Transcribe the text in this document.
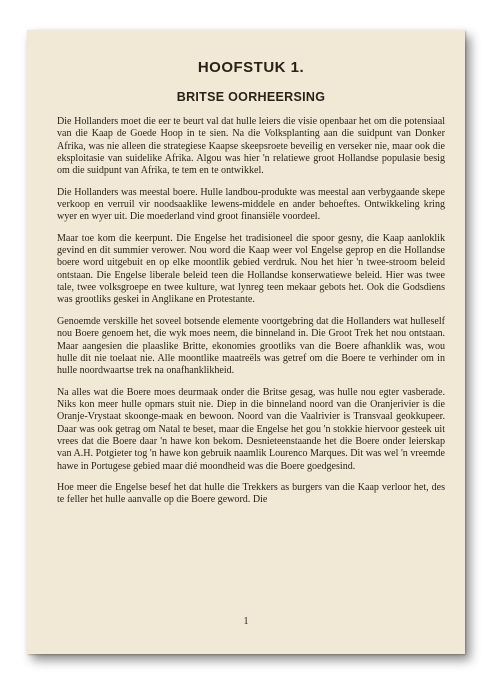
HOOFSTUK 1.
BRITSE OORHEERSING

Die Hollanders moet die eer te beurt val dat hulle leiers die visie openbaar het om die potensiaal van die Kaap de Goede Hoop in te sien. Na die Volksplanting aan die suidpunt van Donker Afrika, was nie alleen die strategiese Kaapse skeepsroete beveilig en verseker nie, maar ook die eksploitasie van suidelike Afrika. Algou was hier 'n relatiewe groot Hollandse populasie besig om die suidpunt van Afrika, te tem en te ontwikkel.

Die Hollanders was meestal boere. Hulle landbou-produkte was meestal aan verbygaande skepe verkoop en verruil vir noodsaaklike lewens-middele en ander behoeftes. Ontwikkeling kring wyer en wyer uit. Die moederland vind groot finansiële voordeel.

Maar toe kom die keerpunt. Die Engelse het tradisioneel die spoor gesny, die Kaap aanloklik gevind en dit summier verower. Nou word die Kaap weer vol Engelse geprop en die Hollandse boere word uitgebuit en op elke moontlik gebied verdruk. Nou het hier 'n twee-stroom beleid ontstaan. Die Engelse liberale beleid teen die Hollandse konserwatiewe beleid. Hier was twee tale, twee volksgroepe en twee kulture, wat lynreg teen mekaar gebots het. Ook die Godsdiens was grootliks geskei in Anglikane en Protestante.

Genoemde verskille het soveel botsende elemente voortgebring dat die Hollanders wat hulleself nou Boere genoem het, die wyk moes neem, die binneland in. Die Groot Trek het nou ontstaan. Maar aangesien die plaaslike Britte, ekonomies grootliks van die Boere afhanklik was, wou hulle dit nie toelaat nie. Alle moontlike maatreëls was getref om die Boere te verhinder om in hulle noordwaartse trek na onafhanklikheid.

Na alles wat die Boere moes deurmaak onder die Britse gesag, was hulle nou egter vasberade. Niks kon meer hulle opmars stuit nie. Diep in die binneland noord van die Oranjerivier is die Oranje-Vrystaat skoonge-maak en bewoon. Noord van die Vaalrivier is Transvaal geokkupeer. Daar was ook getrag om Natal te beset, maar die Engelse het gou 'n stokkie hiervoor gesteek uit vrees dat die Boere daar 'n hawe kon bekom. Desnieteenstaande het die Boere onder leierskap van A.H. Potgieter tog 'n hawe kon gebruik naamlik Lourenco Marques. Dit was wel 'n vreemde hawe in Portugese gebied maar dié moondheid was die Boere goedgesind.

Hoe meer die Engelse besef het dat hulle die Trekkers as burgers van die Kaap verloor het, des te feller het hulle aanvalle op die Boere geword. Die

1
